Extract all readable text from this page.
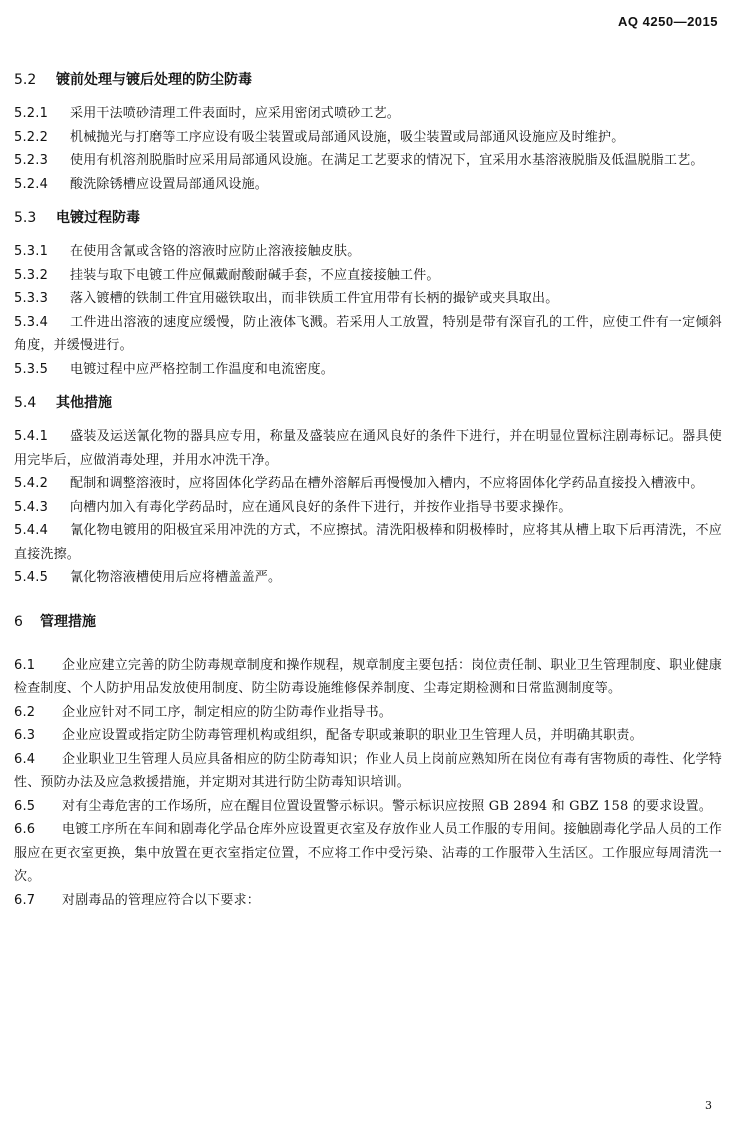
AQ 4250—2015
5.2 镀前处理与镀后处理的防尘防毒

5.2.1 采用干法喷砂清理工件表面时，应采用密闭式喷砂工艺。

5.2.2 机械抛光与打磨等工序应设有吸尘装置或局部通风设施，吸尘装置或局部通风设施应及时维护。

5.2.3 使用有机溶剂脱脂时应采用局部通风设施。在满足工艺要求的情况下，宜采用水基溶液脱脂及低温脱脂工艺。

5.2.4 酸洗除锈槽应设置局部通风设施。

5.3 电镀过程防毒

5.3.1 在使用含氰或含铬的溶液时应防止溶液接触皮肤。

5.3.2 挂装与取下电镀工件应佩戴耐酸耐碱手套，不应直接接触工件。

5.3.3 落入镀槽的铁制工件宜用磁铁取出，而非铁质工件宜用带有长柄的撮铲或夹具取出。

5.3.4 工件进出溶液的速度应缓慢，防止液体飞溅。若采用人工放置，特别是带有深盲孔的工件，应使工件有一定倾斜角度，并缓慢进行。

5.3.5 电镀过程中应严格控制工作温度和电流密度。

5.4 其他措施

5.4.1 盛装及运送氰化物的器具应专用，称量及盛装应在通风良好的条件下进行，并在明显位置标注剧毒标记。器具使用完毕后，应做消毒处理，并用水冲洗干净。

5.4.2 配制和调整溶液时，应将固体化学药品在槽外溶解后再慢慢加入槽内，不应将固体化学药品直接投入槽液中。

5.4.3 向槽内加入有毒化学药品时，应在通风良好的条件下进行，并按作业指导书要求操作。

5.4.4 氰化物电镀用的阳极宜采用冲洗的方式，不应擦拭。清洗阳极棒和阴极棒时，应将其从槽上取下后再清洗，不应直接洗擦。

5.4.5 氰化物溶液槽使用后应将槽盖盖严。

6 管理措施

6.1 企业应建立完善的防尘防毒规章制度和操作规程，规章制度主要包括：岗位责任制、职业卫生管理制度、职业健康检查制度、个人防护用品发放使用制度、防尘防毒设施维修保养制度、尘毒定期检测和日常监测制度等。

6.2 企业应针对不同工序，制定相应的防尘防毒作业指导书。

6.3 企业应设置或指定防尘防毒管理机构或组织，配备专职或兼职的职业卫生管理人员，并明确其职责。

6.4 企业职业卫生管理人员应具备相应的防尘防毒知识；作业人员上岗前应熟知所在岗位有毒有害物质的毒性、化学特性、预防办法及应急救援措施，并定期对其进行防尘防毒知识培训。

6.5 对有尘毒危害的工作场所，应在醒目位置设置警示标识。警示标识应按照 GB 2894 和 GBZ 158 的要求设置。

6.6 电镀工序所在车间和剧毒化学品仓库外应设置更衣室及存放作业人员工作服的专用间。接触剧毒化学品人员的工作服应在更衣室更换，集中放置在更衣室指定位置，不应将工作中受污染、沾毒的工作服带入生活区。工作服应每周清洗一次。

6.7 对剧毒品的管理应符合以下要求：

3
